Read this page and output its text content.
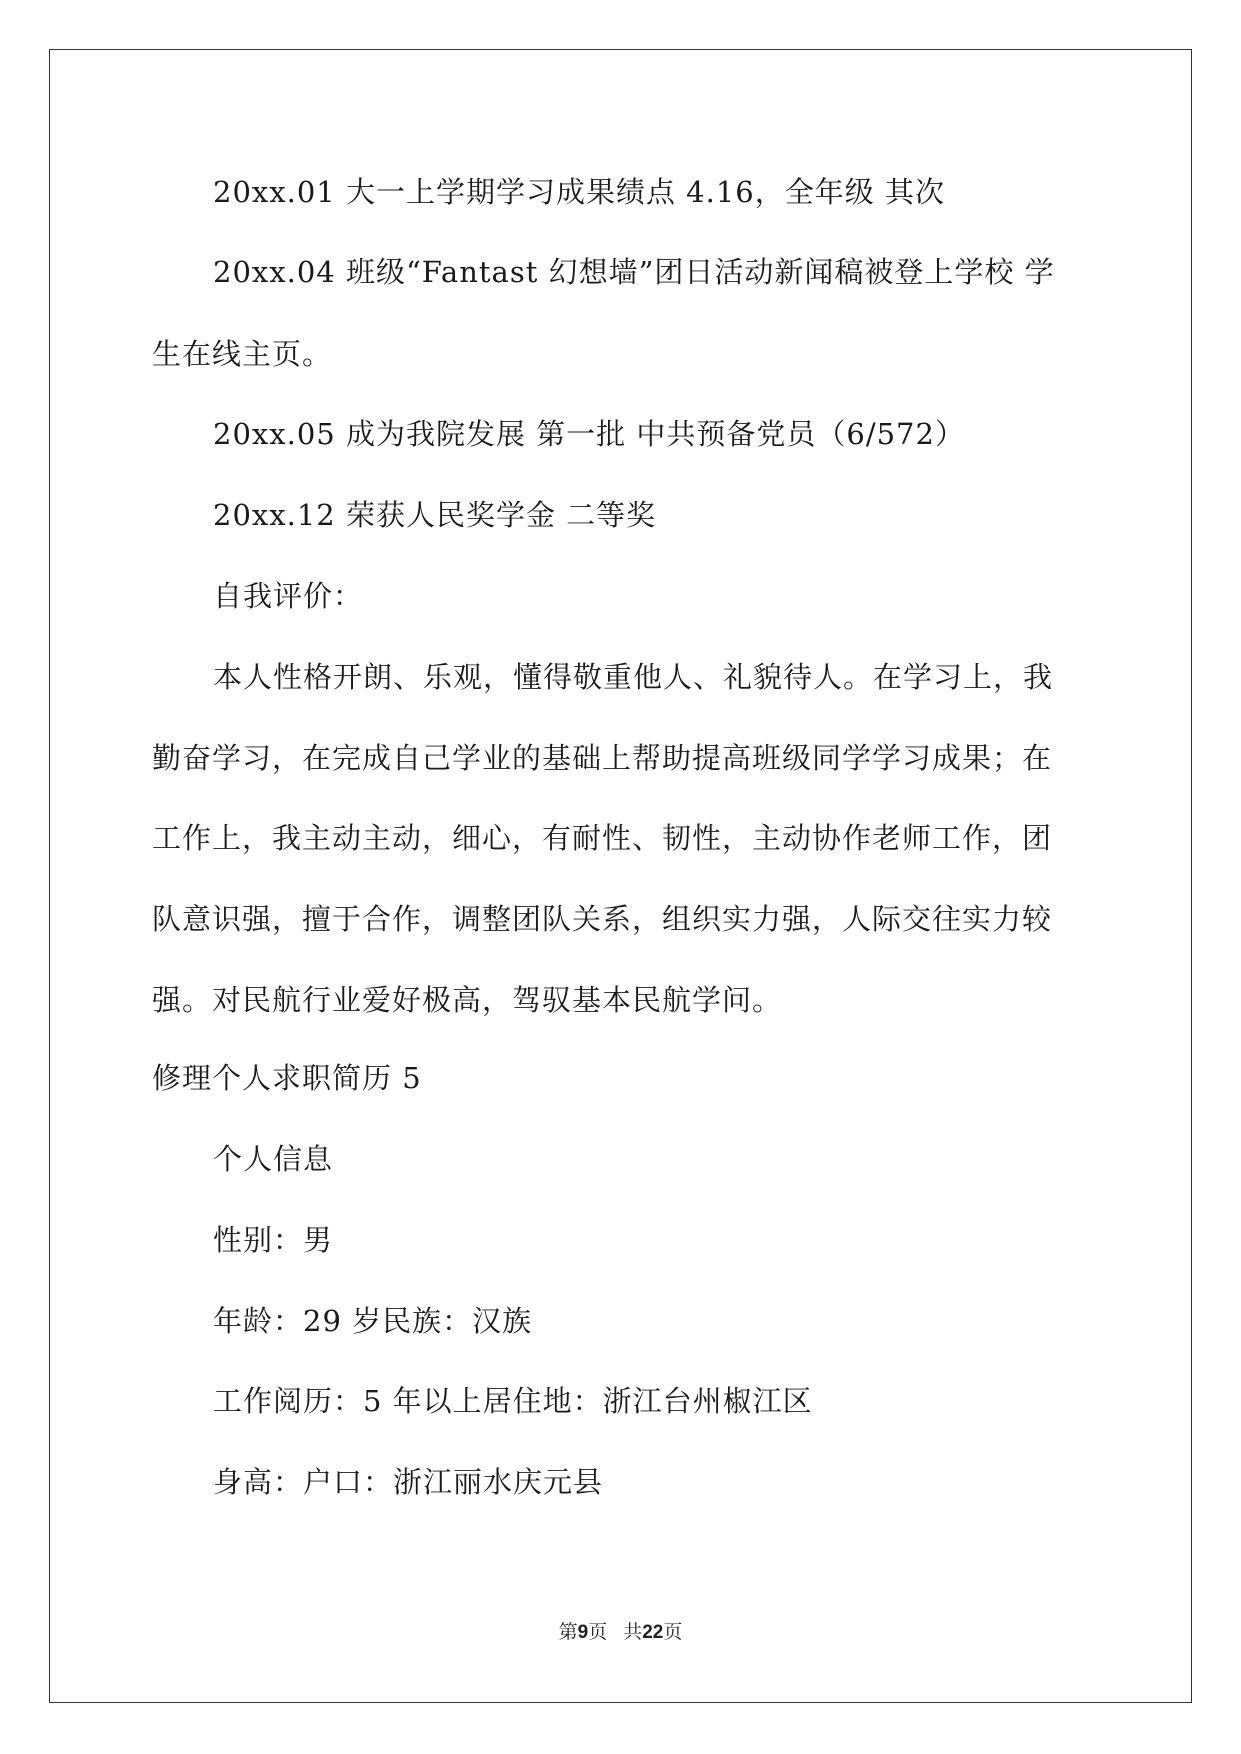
20xx.01 大一上学期学习成果绩点 4.16，全年级 其次
20xx.04 班级“Fantast 幻想墙”团日活动新闻稿被登上学校 学
生在线主页。
20xx.05 成为我院发展 第一批 中共预备党员（6/572）
20xx.12 荣获人民奖学金 二等奖
自我评价：
本人性格开朗、乐观，懂得敬重他人、礼貌待人。在学习上，我
勤奋学习，在完成自己学业的基础上帮助提高班级同学学习成果；在
工作上，我主动主动，细心，有耐性、韧性，主动协作老师工作，团
队意识强，擅于合作，调整团队关系，组织实力强，人际交往实力较
强。对民航行业爱好极高，驾驭基本民航学问。
修理个人求职简历 5
个人信息
性别：男
年龄：29 岁民族：汉族
工作阅历：5 年以上居住地：浙江台州椒江区
身高：户口：浙江丽水庆元县
第9页 共22页
